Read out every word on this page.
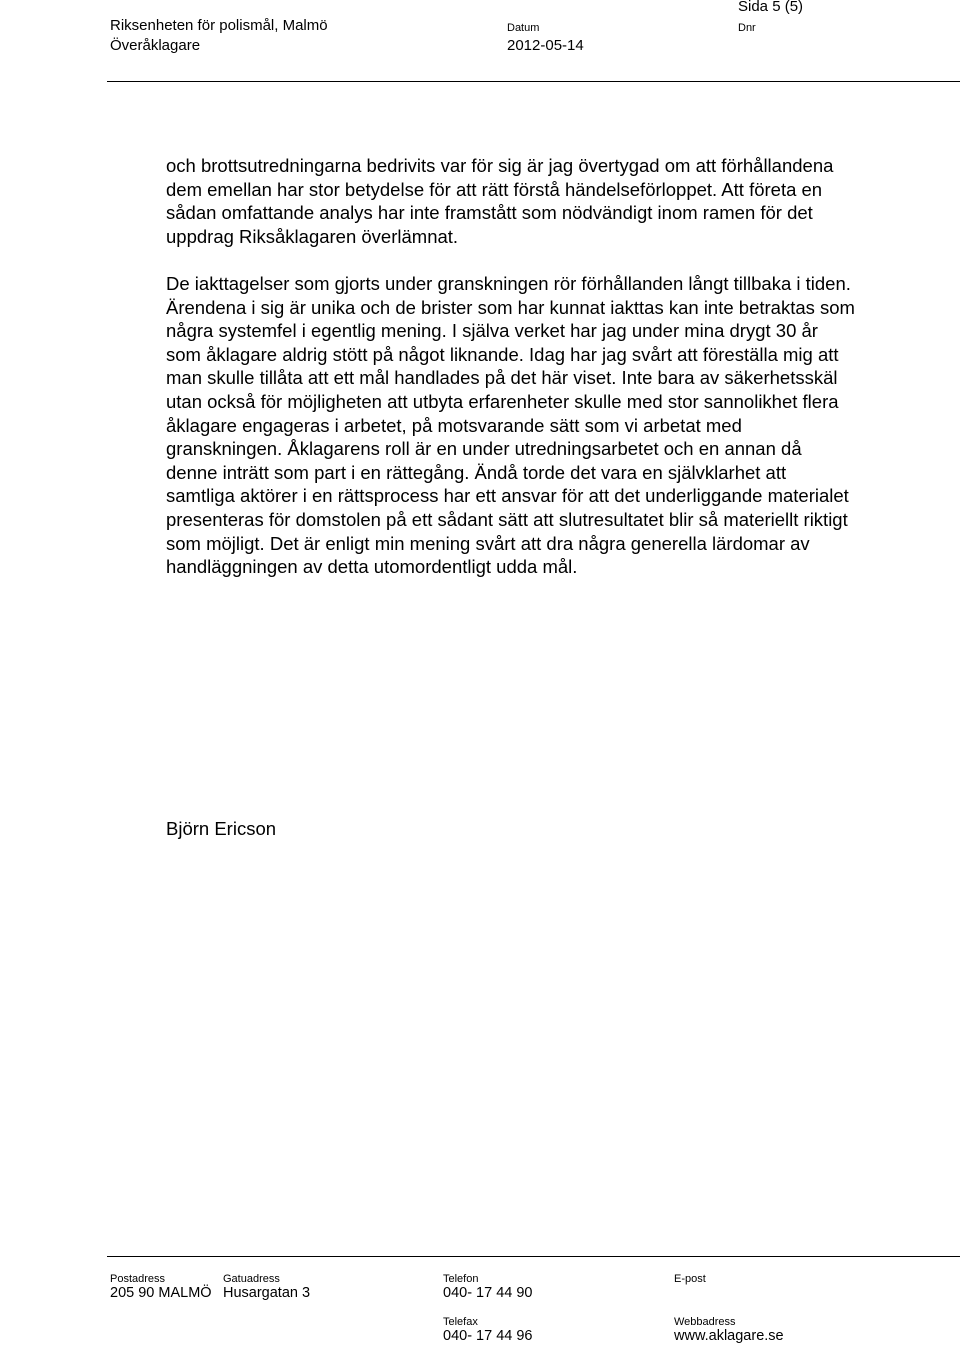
Sida 5 (5)
Riksenheten för polismål, Malmö
Överåklagare
Datum
2012-05-14
Dnr

och brottsutredningarna bedrivits var för sig är jag övertygad om att förhållandena dem emellan har stor betydelse för att rätt förstå händelseförloppet. Att företa en sådan omfattande analys har inte framstått som nödvändigt inom ramen för det uppdrag Riksåklagaren överlämnat.

De iakttagelser som gjorts under granskningen rör förhållanden långt tillbaka i tiden. Ärendena i sig är unika och de brister som har kunnat iakttas kan inte betraktas som några systemfel i egentlig mening. I själva verket har jag under mina drygt 30 år som åklagare aldrig stött på något liknande. Idag har jag svårt att föreställa mig att man skulle tillåta att ett mål handlades på det här viset. Inte bara av säkerhetsskäl utan också för möjligheten att utbyta erfarenheter skulle med stor sannolikhet flera åklagare engageras i arbetet, på motsvarande sätt som vi arbetat med granskningen. Åklagarens roll är en under utredningsarbetet och en annan då denne inträtt som part i en rättegång. Ändå torde det vara en självklarhet att samtliga aktörer i en rättsprocess har ett ansvar för att det underliggande materialet presenteras för domstolen på ett sådant sätt att slutresultatet blir så materiellt riktigt som möjligt. Det är enligt min mening svårt att dra några generella lärdomar av handläggningen av detta utomordentligt udda mål.

Björn Ericson
Postadress
205 90 MALMÖ
Gatuadress
Husargatan 3
Telefon
040- 17 44 90
E-post
Telefax
040- 17 44 96
Webbadress
www.aklagare.se
